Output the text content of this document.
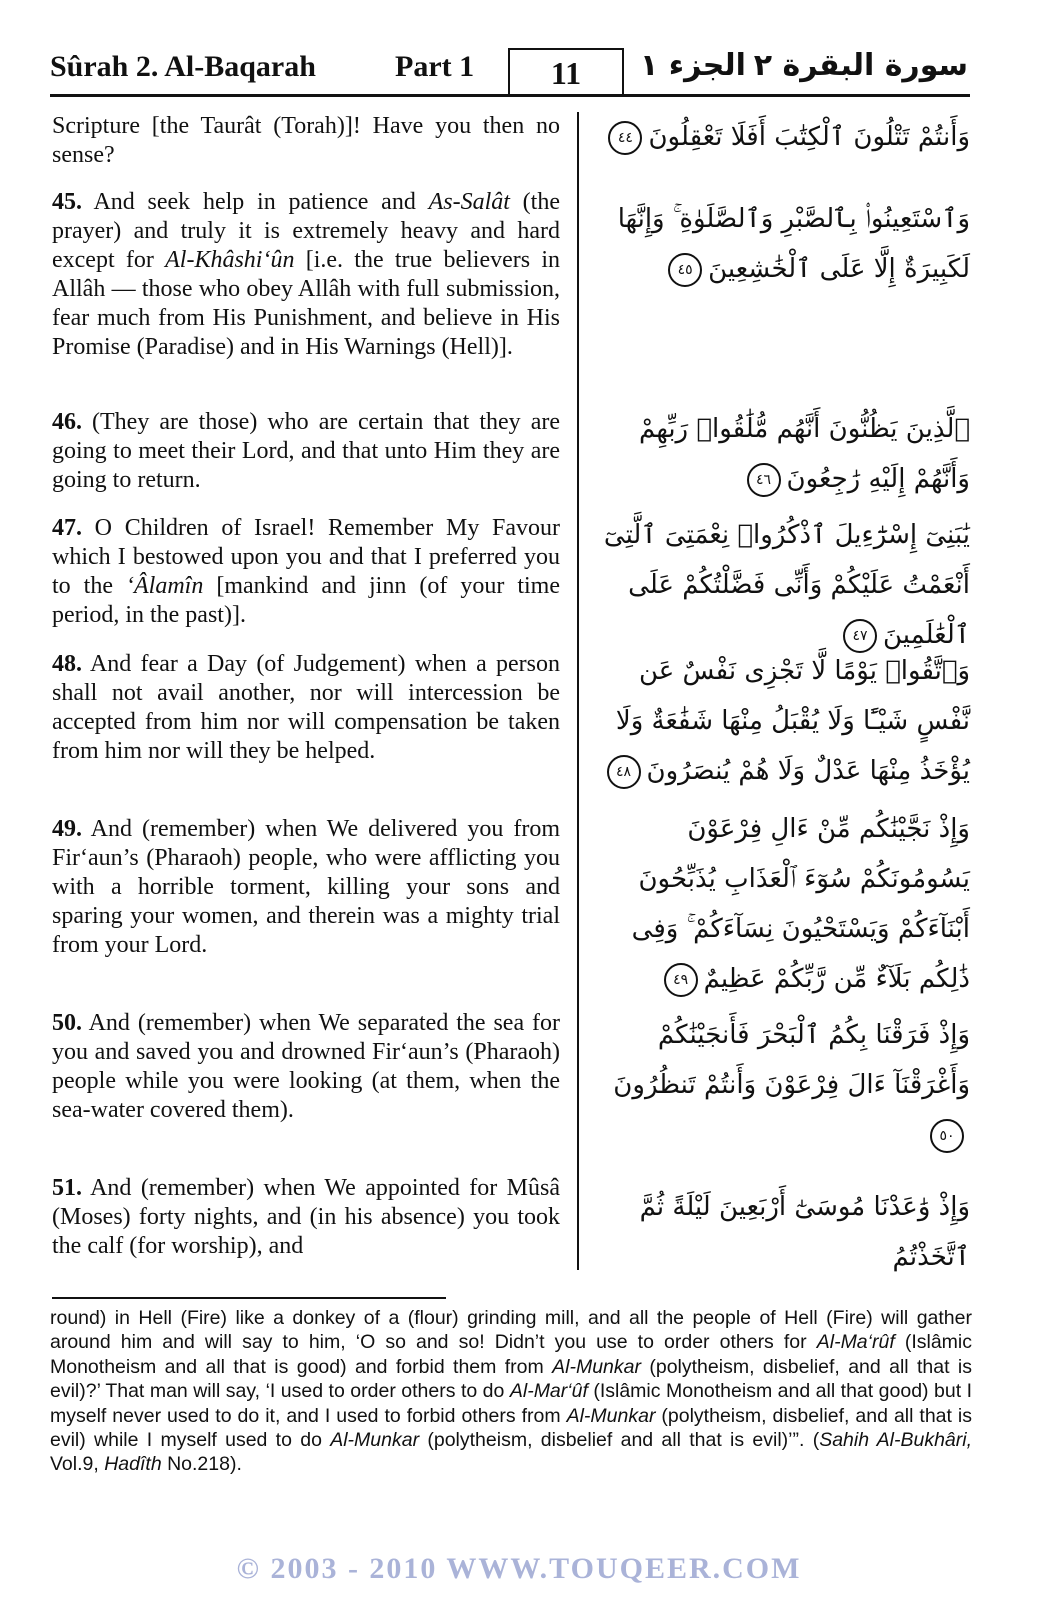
Sûrah 2. Al-Baqarah	Part 1	11	الجزء ١ سورة البقرة ٢

Scripture [the Taurât (Torah)]! Have you then no sense?

45. And seek help in patience and As-Salât (the prayer) and truly it is extremely heavy and hard except for Al-Khâshi‘ûn [i.e. the true believers in Allâh — those who obey Allâh with full submission, fear much from His Punishment, and believe in His Promise (Paradise) and in His Warnings (Hell)].

46. (They are those) who are certain that they are going to meet their Lord, and that unto Him they are going to return.

47. O Children of Israel! Remember My Favour which I bestowed upon you and that I preferred you to the ‘Âlamîn [mankind and jinn (of your time period, in the past)].

48. And fear a Day (of Judgement) when a person shall not avail another, nor will intercession be accepted from him nor will compensation be taken from him nor will they be helped.

49. And (remember) when We delivered you from Fir‘aun’s (Pharaoh) people, who were afflicting you with a horrible torment, killing your sons and sparing your women, and therein was a mighty trial from your Lord.

50. And (remember) when We separated the sea for you and saved you and drowned Fir‘aun’s (Pharaoh) people while you were looking (at them, when the sea-water covered them).

51. And (remember) when We appointed for Mûsâ (Moses) forty nights, and (in his absence) you took the calf (for worship), and

وَأَنتُمْ تَتْلُونَ ٱلْكِتَٰبَ أَفَلَا تَعْقِلُونَ٤٤
وَٱسْتَعِينُوا۟ بِٱلصَّبْرِ وَٱلصَّلَوٰةِ ۚ وَإِنَّهَا لَكَبِيرَةٌ إِلَّا عَلَى ٱلْخَٰشِعِينَ٤٥
ٱلَّذِينَ يَظُنُّونَ أَنَّهُم مُّلَٰقُوا۟ رَبِّهِمْ وَأَنَّهُمْ إِلَيْهِ رَٰجِعُونَ٤٦
يَٰبَنِىٓ إِسْرَٰٓءِيلَ ٱذْكُرُوا۟ نِعْمَتِىَ ٱلَّتِىٓ أَنْعَمْتُ عَلَيْكُمْ وَأَنِّى فَضَّلْتُكُمْ عَلَى ٱلْعَٰلَمِينَ٤٧
وَٱتَّقُوا۟ يَوْمًا لَّا تَجْزِى نَفْسٌ عَن نَّفْسٍ شَيْـًٔا وَلَا يُقْبَلُ مِنْهَا شَفَٰعَةٌ وَلَا يُؤْخَذُ مِنْهَا عَدْلٌ وَلَا هُمْ يُنصَرُونَ٤٨
وَإِذْ نَجَّيْنَٰكُم مِّنْ ءَالِ فِرْعَوْنَ يَسُومُونَكُمْ سُوٓءَ ٱلْعَذَابِ يُذَبِّحُونَ أَبْنَآءَكُمْ وَيَسْتَحْيُونَ نِسَآءَكُمْ ۚ وَفِى ذَٰلِكُم بَلَآءٌ مِّن رَّبِّكُمْ عَظِيمٌ٤٩
وَإِذْ فَرَقْنَا بِكُمُ ٱلْبَحْرَ فَأَنجَيْنَٰكُمْ وَأَغْرَقْنَآ ءَالَ فِرْعَوْنَ وَأَنتُمْ تَنظُرُونَ٥٠
وَإِذْ وَٰعَدْنَا مُوسَىٰٓ أَرْبَعِينَ لَيْلَةً ثُمَّ ٱتَّخَذْتُمُ

round) in Hell (Fire) like a donkey of a (flour) grinding mill, and all the people of Hell (Fire) will gather around him and will say to him, ‘O so and so! Didn’t you use to order others for Al-Ma‘rûf (Islâmic Monotheism and all that is good) and forbid them from Al-Munkar (polytheism, disbelief, and all that is evil)?’ That man will say, ‘I used to order others to do Al-Mar‘ûf (Islâmic Monotheism and all that good) but I myself never used to do it, and I used to forbid others from Al-Munkar (polytheism, disbelief, and all that is evil) while I myself used to do Al-Munkar (polytheism, disbelief and all that is evil)’”. (Sahih Al-Bukhâri, Vol.9, Hadîth No.218).

© 2003 - 2010 WWW.TOUQEER.COM
